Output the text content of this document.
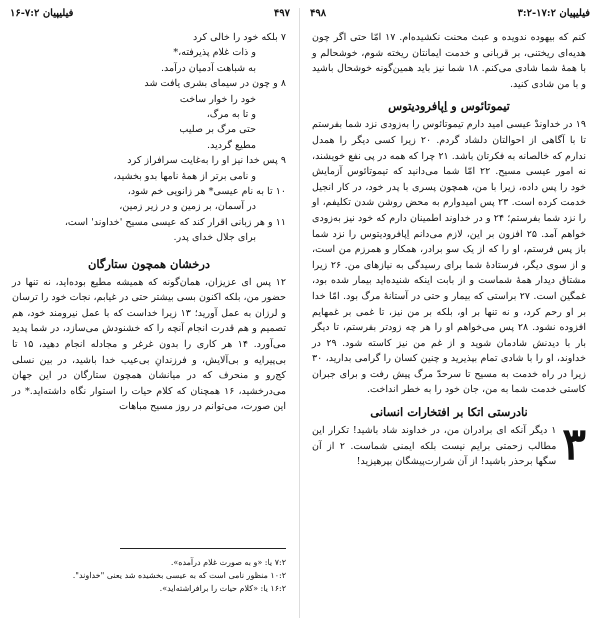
فیلیپیان ۷:۲-۱۶	۴۹۷
۷ بلکه خود را خالی کرد
و ذات غلام پذیرفته،*
به شباهت آدمیان درآمد.
۸ و چون در سیمای بشری یافت شد
خود را خوار ساخت
و تا به مرگ،
حتی مرگ بر صلیب
مطیع گردید.
۹ پس خدا نیز او را به‌غایت سرافراز کرد
و نامی برتر از همهٔ نامها بدو بخشید،
۱۰ تا به نام عیسی* هر زانویی خم شود،
در آسمان، بر زمین و در زیر زمین،
۱۱ و هر زبانی اقرار کند که عیسی مسیح 'خداوند' است،
برای جلال خدای پدر.
درخشان همچون ستارگان

۱۲ پس ای عزیزان، همان‌گونه که همیشه مطیع بوده‌اید، نه تنها در حضور من، بلکه اکنون بسی بیشتر حتی در غیابم، نجات خود را ترسان و لرزان به عمل آورید؛ ۱۳ زیرا خداست که با عمل نیرومند خود، هم تصمیم و هم قدرت انجام آنچه را که خشنودش می‌سازد، در شما پدید می‌آورد. ۱۴ هر کاری را بدون غرغر و مجادله انجام دهید، ۱۵ تا بی‌پیرایه و بی‌آلایش، و فرزندانِ بی‌عیب خدا باشید، در بین نسلی کج‌رو و منحرف که در میانشان همچون ستارگان در این جهان می‌درخشید، ۱۶ همچنان که کلام حیات را استوار نگاه داشته‌اید.* در این صورت، می‌توانم در روز مسیح مباهات

۷:۲ یا: «و به صورت غلام درآمده».
۱۰:۲ منظور نامی است که به عیسی بخشیده شد یعنی "خداوند".
۱۶:۲ یا: «کلام حیات را برافراشته‌اید».
فیلیپیان ۱۷:۲-۳:۲
۴۹۸

کنم که بیهوده ندویده و عبث محنت نکشیده‌ام. ۱۷ امّا حتی اگر چون هدیه‌ای ریختنی، بر قربانی و خدمت ایمانتان ریخته شوم، خوشحالم و با همهٔ شما شادی می‌کنم. ۱۸ شما نیز باید همین‌گونه خوشحال باشید و با من شادی کنید.

تیموتائوس و اِپافرودیتوس

۱۹ در خداوندْ عیسی امید دارم تیموتائوس را به‌زودی نزد شما بفرستم تا با آگاهی از احوالتان دلشاد گردم. ۲۰ زیرا کسی دیگر را همدل ندارم که خالصانه به فکرتان باشد. ۲۱ چرا که همه در پی نفع خویشند، نه امور عیسی مسیح. ۲۲ امّا شما می‌دانید که تیموتائوس آزمایش خود را پس داده، زیرا با من، همچون پسری با پدر خود، در کار انجیل خدمت کرده است. ۲۳ پس امیدوارم به محض روشن شدن تکلیفم، او را نزد شما بفرستم؛ ۲۴ و در خداوند اطمینان دارم که خود نیز به‌زودی خواهم آمد. ۲۵ افزون بر این، لازم می‌دانم اِپافرودیتوس را نزد شما باز پس فرستم، او را که از یک سو برادر، همکار و همرزم من است، و از سوی دیگر، فرستادهٔ شما برای رسیدگی به نیازهای من. ۲۶ زیرا مشتاق دیدار همهٔ شماست و از بابت اینکه شنیده‌اید بیمار شده بود، غمگین است. ۲۷ براستی که بیمار و حتی در آستانهٔ مرگ بود. امّا خدا بر او رحم کرد، و نه تنها بر او، بلکه بر من نیز، تا غمی بر غمهایم افزوده نشود. ۲۸ پس می‌خواهم او را هر چه زودتر بفرستم، تا دیگر بار با دیدنش شادمان شوید و از غم من نیز کاسته شود. ۲۹ در خداوند، او را با شادی تمام بپذیرید و چنین کسان را گرامی بدارید، ۳۰ زیرا در راه خدمت به مسیح تا سرحدّ مرگ پیش رفت و برای جبران کاستی خدمت شما به من، جان خود را به خطر انداخت.

نادرستی اتکا بر افتخارات انسانی
۳

۱ دیگر آنکه ای برادران من، در خداوند شاد باشید! تکرار این مطالب زحمتی برایم نیست بلکه ایمنی شماست. ۲ از آن سگها برحذر باشید! از آن شرارت‌پیشگان بپرهیزید!
